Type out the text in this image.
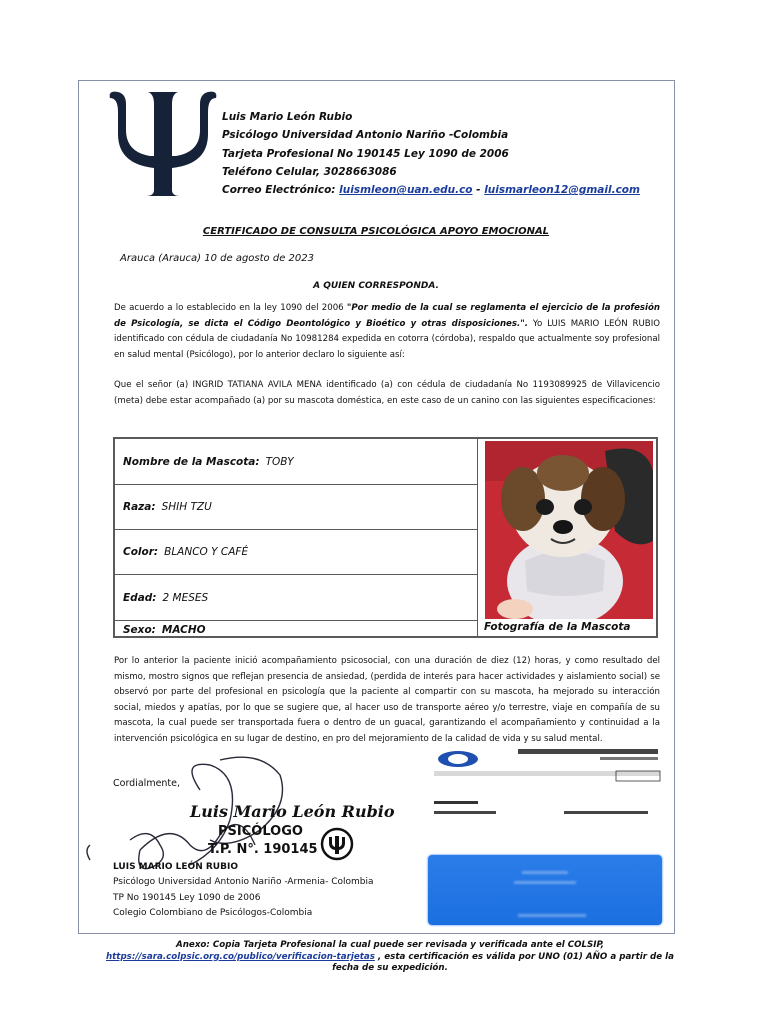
Luis Mario León Rubio
Psicólogo Universidad Antonio Nariño -Colombia
Tarjeta Profesional No 190145 Ley 1090 de 2006
Teléfono Celular, 3028663086
Correo Electrónico: luismleon@uan.edu.co - luismarleon12@gmail.com
CERTIFICADO DE CONSULTA PSICOLÓGICA APOYO EMOCIONAL
Arauca (Arauca) 10 de agosto de 2023
A QUIEN CORRESPONDA.
De acuerdo a lo establecido en la ley 1090 del 2006 "Por medio de la cual se reglamenta el ejercicio de la profesión de Psicología, se dicta el Código Deontológico y Bioético y otras disposiciones.". Yo LUIS MARIO LEÓN RUBIO identificado con cédula de ciudadanía No 10981284 expedida en cotorra (córdoba), respaldo que actualmente soy profesional en salud mental (Psicólogo), por lo anterior declaro lo siguiente así:
Que el señor (a) INGRID TATIANA AVILA MENA identificado (a) con cédula de ciudadanía No 1193089925 de Villavicencio (meta) debe estar acompañado (a) por su mascota doméstica, en este caso de un canino con las siguientes especificaciones:
Nombre de la Mascota: TOBY
Raza: SHIH TZU
Color: BLANCO Y CAFÉ
Edad: 2 MESES
Sexo: MACHO	Fotografía de la Mascota
Por lo anterior la paciente inició acompañamiento psicosocial, con una duración de diez (12) horas, y como resultado del mismo, mostro signos que reflejan presencia de ansiedad, (perdida de interés para hacer actividades y aislamiento social) se observó por parte del profesional en psicología que la paciente al compartir con su mascota, ha mejorado su interacción social, miedos y apatías, por lo que se sugiere que, al hacer uso de transporte aéreo y/o terrestre, viaje en compañía de su mascota, la cual puede ser transportada fuera o dentro de un guacal, garantizando el acompañamiento y continuidad a la intervención psicológica en su lugar de destino, en pro del mejoramiento de la calidad de vida y su salud mental.
Cordialmente,
Luis Mario León Rubio
PSICÓLOGO
T.P. N°. 190145
LUIS MARIO LEÓN RUBIO
Psicólogo Universidad Antonio Nariño -Armenia- Colombia
TP No 190145 Ley 1090 de 2006
Colegio Colombiano de Psicólogos-Colombia
Anexo: Copia Tarjeta Profesional la cual puede ser revisada y verificada ante el COLSIP,
https://sara.colpsic.org.co/publico/verificacion-tarjetas , esta certificación es válida por UNO (01) AÑO a partir de la fecha de su expedición.
